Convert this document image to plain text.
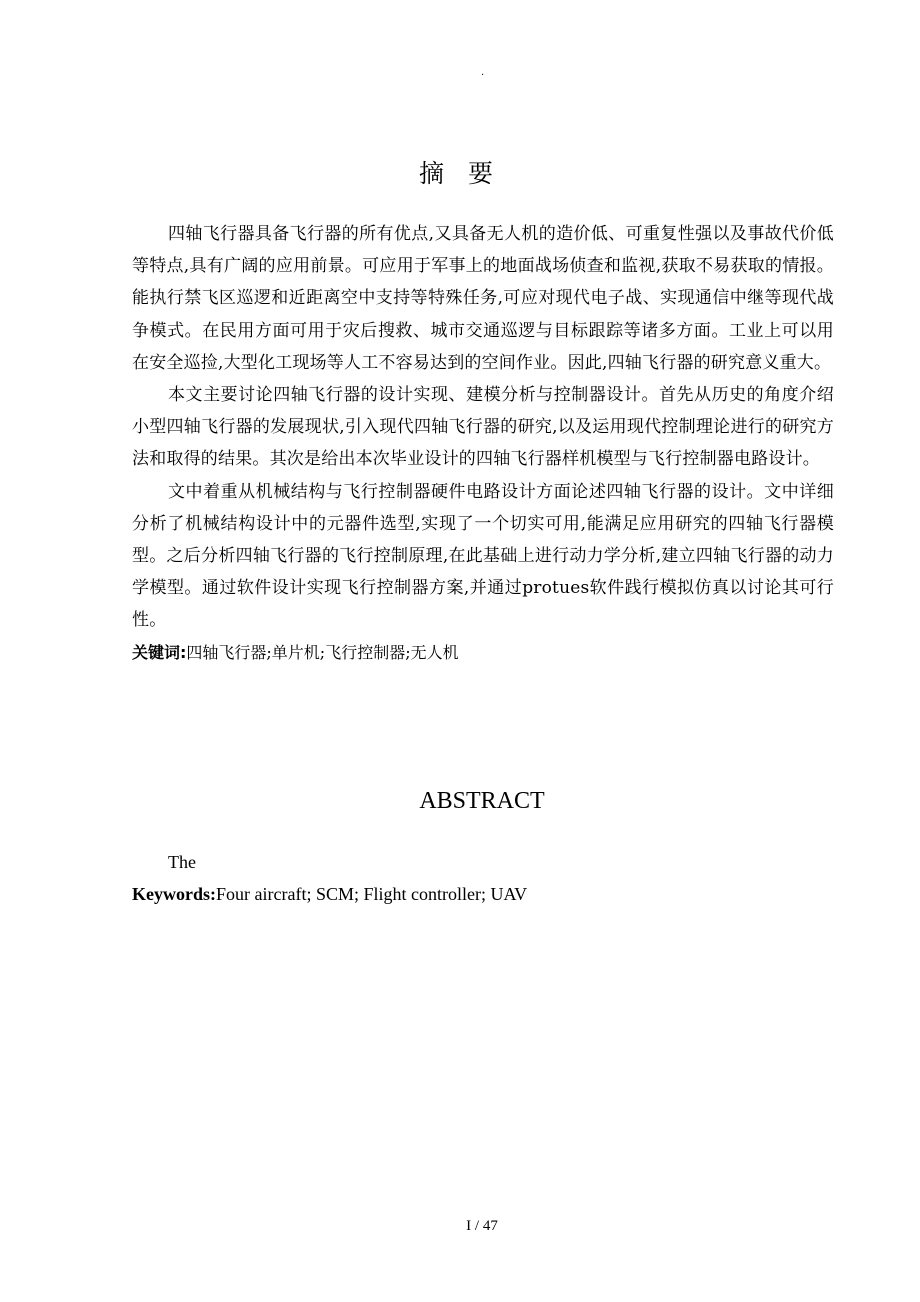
.
摘 要

四轴飞行器具备飞行器的所有优点,又具备无人机的造价低、可重复性强以及事故代价低等特点,具有广阔的应用前景。可应用于军事上的地面战场侦查和监视,获取不易获取的情报。能执行禁飞区巡逻和近距离空中支持等特殊任务,可应对现代电子战、实现通信中继等现代战争模式。在民用方面可用于灾后搜救、城市交通巡逻与目标跟踪等诸多方面。工业上可以用在安全巡捡,大型化工现场等人工不容易达到的空间作业。因此,四轴飞行器的研究意义重大。

本文主要讨论四轴飞行器的设计实现、建模分析与控制器设计。首先从历史的角度介绍小型四轴飞行器的发展现状,引入现代四轴飞行器的研究,以及运用现代控制理论进行的研究方法和取得的结果。其次是给出本次毕业设计的四轴飞行器样机模型与飞行控制器电路设计。

文中着重从机械结构与飞行控制器硬件电路设计方面论述四轴飞行器的设计。文中详细分析了机械结构设计中的元器件选型,实现了一个切实可用,能满足应用研究的四轴飞行器模型。之后分析四轴飞行器的飞行控制原理,在此基础上进行动力学分析,建立四轴飞行器的动力学模型。通过软件设计实现飞行控制器方案,并通过protues软件践行模拟仿真以讨论其可行性。

关键词:四轴飞行器;单片机;飞行控制器;无人机

ABSTRACT

The

Keywords:Four aircraft; SCM; Flight controller; UAV

I / 47
